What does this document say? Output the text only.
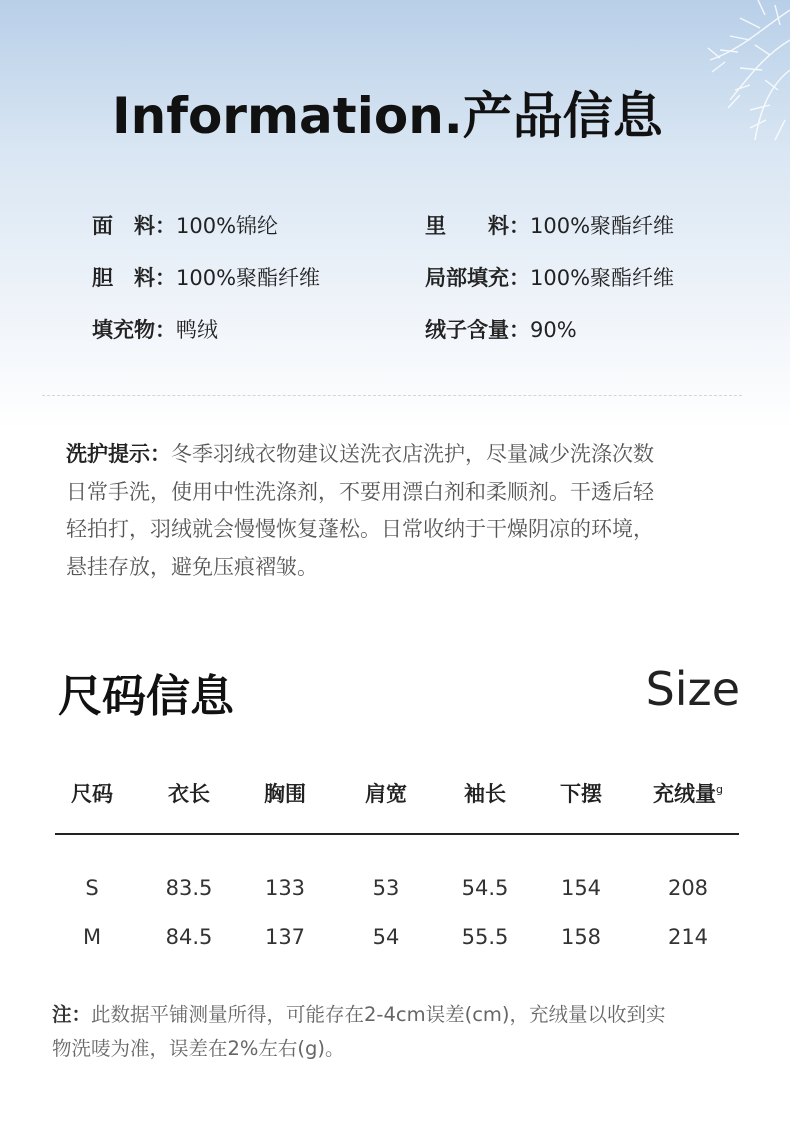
Information.产品信息
面　料：100%锦纶	里　　料：100%聚酯纤维
胆　料：100%聚酯纤维	局部填充：100%聚酯纤维
填充物：鸭绒	绒子含量：90%
洗护提示：冬季羽绒衣物建议送洗衣店洗护，尽量减少洗涤次数
日常手洗，使用中性洗涤剂，不要用漂白剂和柔顺剂。干透后轻
轻拍打，羽绒就会慢慢恢复蓬松。日常收纳于干燥阴凉的环境，
悬挂存放，避免压痕褶皱。
尺码信息	Size
尺码	衣长	胸围	肩宽	袖长	下摆	充绒量$^g$
S	83.5	133	53	54.5	154	208
M	84.5	137	54	55.5	158	214
注：此数据平铺测量所得，可能存在2-4cm误差(cm)，充绒量以收到实
物洗唛为准，误差在2%左右(g)。
